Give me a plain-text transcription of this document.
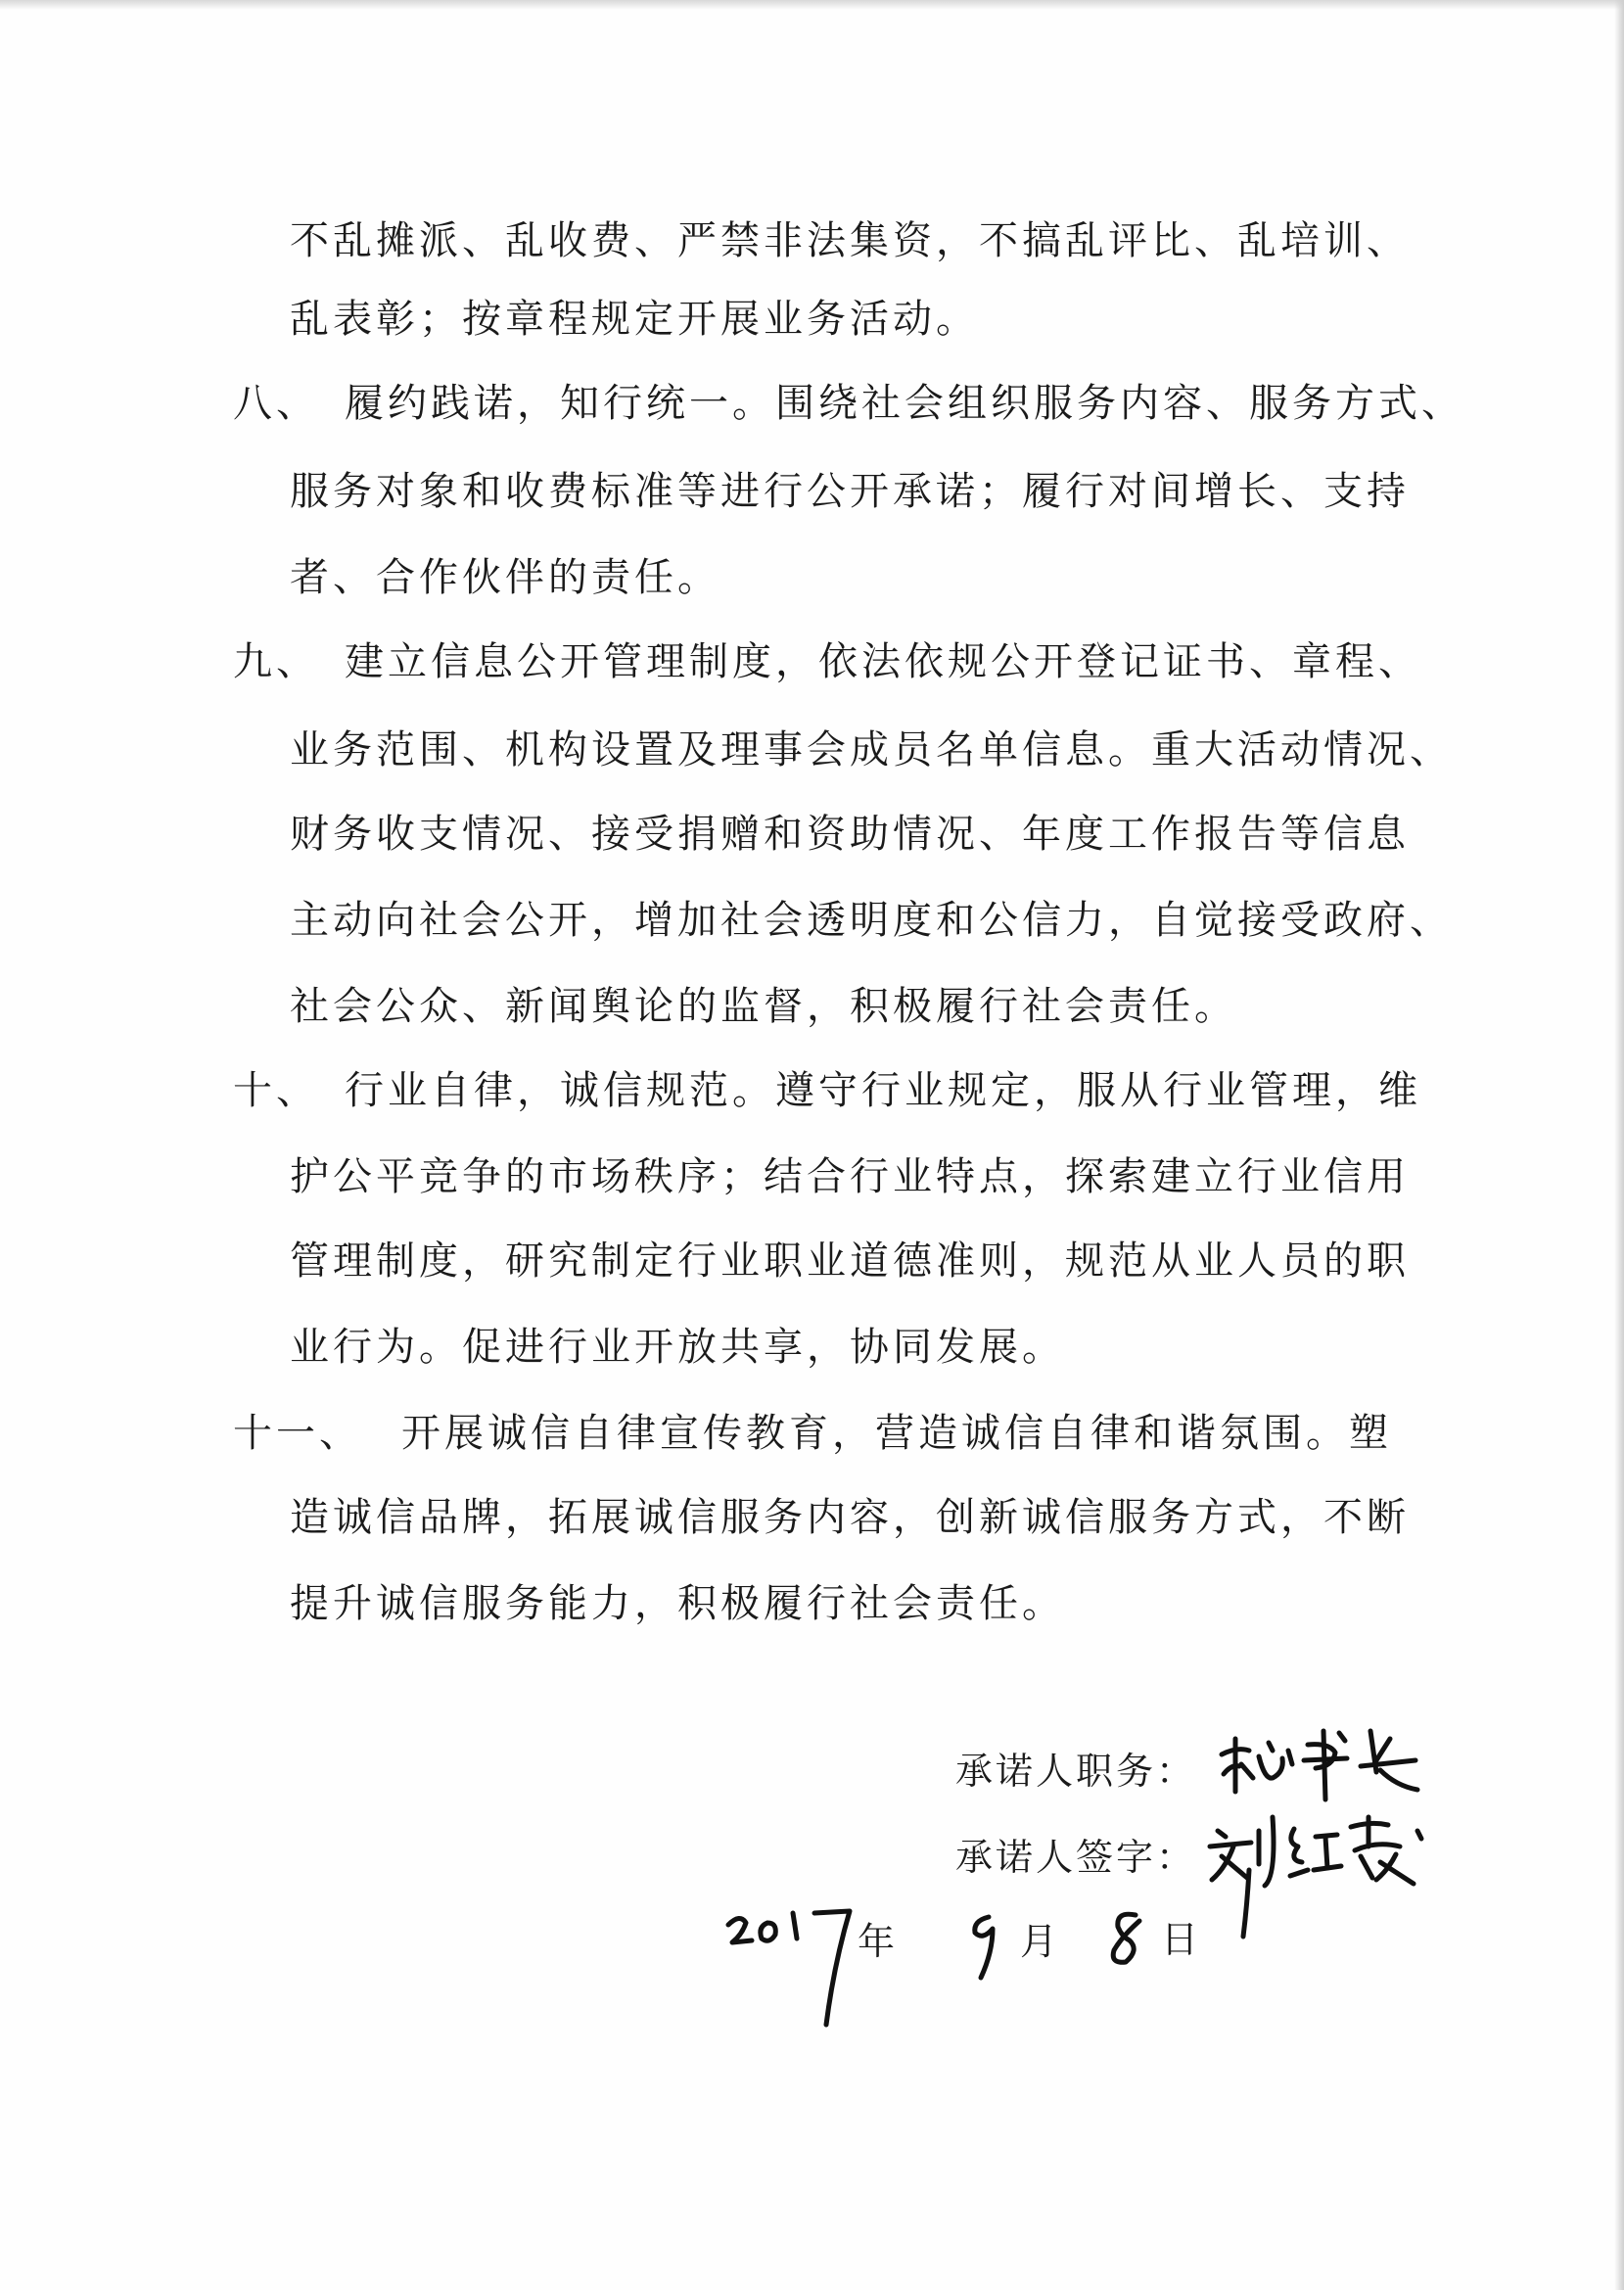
不乱摊派、乱收费、严禁非法集资，不搞乱评比、乱培训、
乱表彰；按章程规定开展业务活动。
八、 履约践诺，知行统一。围绕社会组织服务内容、服务方式、
服务对象和收费标准等进行公开承诺；履行对间增长、支持
者、合作伙伴的责任。
九、 建立信息公开管理制度，依法依规公开登记证书、章程、
业务范围、机构设置及理事会成员名单信息。重大活动情况、
财务收支情况、接受捐赠和资助情况、年度工作报告等信息
主动向社会公开，增加社会透明度和公信力，自觉接受政府、
社会公众、新闻舆论的监督，积极履行社会责任。
十、 行业自律，诚信规范。遵守行业规定，服从行业管理，维
护公平竞争的市场秩序；结合行业特点，探索建立行业信用
管理制度，研究制定行业职业道德准则，规范从业人员的职
业行为。促进行业开放共享，协同发展。
十一、 开展诚信自律宣传教育，营造诚信自律和谐氛围。塑
造诚信品牌，拓展诚信服务内容，创新诚信服务方式，不断
提升诚信服务能力，积极履行社会责任。
承诺人职务：
承诺人签字：
年	月	日
